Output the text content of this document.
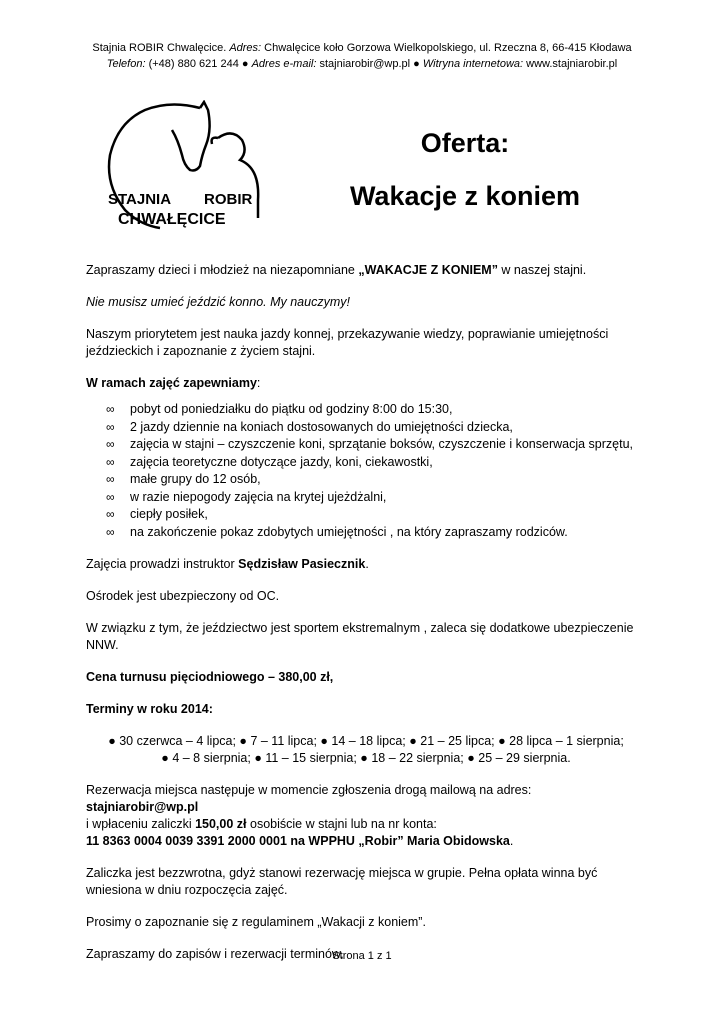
Stajnia ROBIR Chwalęcice. Adres: Chwalęcice koło Gorzowa Wielkopolskiego, ul. Rzeczna 8, 66-415 Kłodawa
Telefon: (+48) 880 621 244 ● Adres e-mail: stajniarobir@wp.pl ● Witryna internetowa: www.stajniarobir.pl
STAJNIA ROBIR
CHWAŁĘCICE
Oferta:
Wakacje z koniem

Zapraszamy dzieci i młodzież na niezapomniane „WAKACJE Z KONIEM” w naszej stajni.

Nie musisz umieć jeździć konno. My nauczymy!

Naszym priorytetem jest nauka jazdy konnej, przekazywanie wiedzy, poprawianie umiejętności jeździeckich i zapoznanie z życiem stajni.

W ramach zajęć zapewniamy:

∞ pobyt od poniedziałku do piątku od godziny 8:00 do 15:30,
∞ 2 jazdy dziennie na koniach dostosowanych do umiejętności dziecka,
∞ zajęcia w stajni – czyszczenie koni, sprzątanie boksów, czyszczenie i konserwacja sprzętu,
∞ zajęcia teoretyczne dotyczące jazdy, koni, ciekawostki,
∞ małe grupy do 12 osób,
∞ w razie niepogody zajęcia na krytej ujeżdżalni,
∞ ciepły posiłek,
∞ na zakończenie pokaz zdobytych umiejętności , na który zapraszamy rodziców.

Zajęcia prowadzi instruktor Sędzisław Pasiecznik.

Ośrodek jest ubezpieczony od OC.

W związku z tym, że jeździectwo jest sportem ekstremalnym , zaleca się dodatkowe ubezpieczenie NNW.

Cena turnusu pięciodniowego – 380,00 zł,

Terminy w roku 2014:

● 30 czerwca – 4 lipca; ● 7 – 11 lipca; ● 14 – 18 lipca; ● 21 – 25 lipca; ● 28 lipca – 1 sierpnia;
● 4 – 8 sierpnia; ● 11 – 15 sierpnia; ● 18 – 22 sierpnia; ● 25 – 29 sierpnia.

Rezerwacja miejsca następuje w momencie zgłoszenia drogą mailową na adres: stajniarobir@wp.pl
i wpłaceniu zaliczki 150,00 zł osobiście w stajni lub na nr konta:
11 8363 0004 0039 3391 2000 0001 na WPPHU „Robir” Maria Obidowska.

Zaliczka jest bezzwrotna, gdyż stanowi rezerwację miejsca w grupie. Pełna opłata winna być wniesiona w dniu rozpoczęcia zajęć.

Prosimy o zapoznanie się z regulaminem „Wakacji z koniem”.

Zapraszamy do zapisów i rezerwacji terminów.

Strona 1 z 1
